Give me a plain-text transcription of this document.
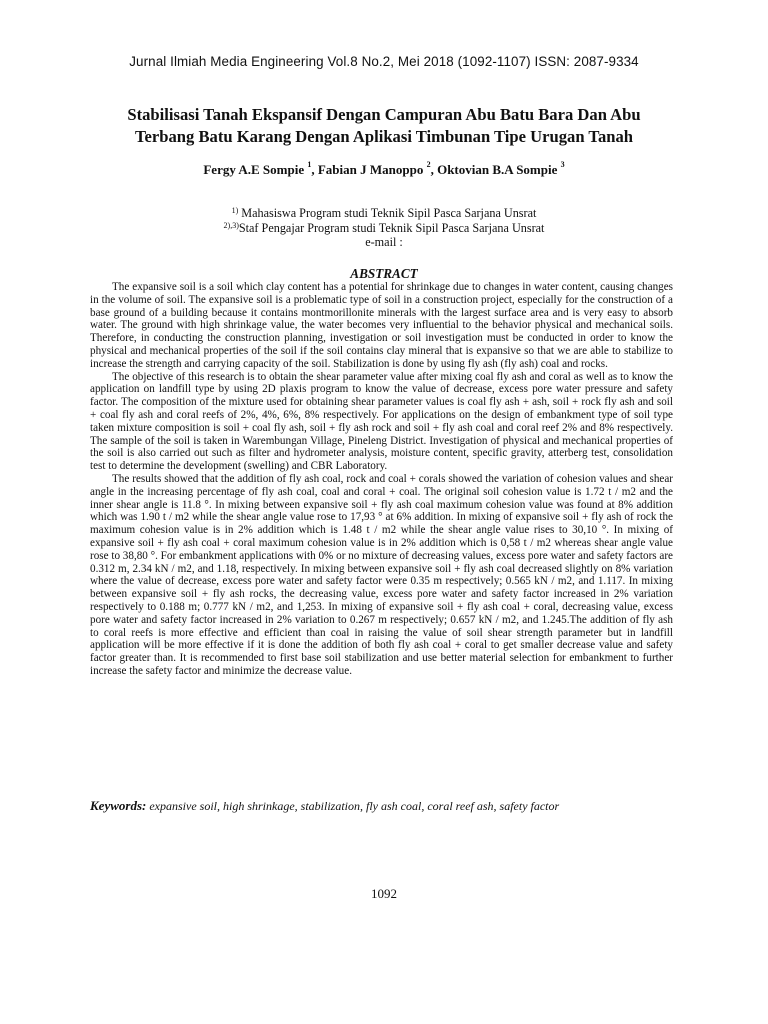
Jurnal Ilmiah Media Engineering Vol.8 No.2, Mei 2018 (1092-1107) ISSN: 2087-9334
Stabilisasi Tanah Ekspansif Dengan Campuran Abu Batu Bara Dan Abu
Terbang Batu Karang Dengan Aplikasi Timbunan Tipe Urugan Tanah
Fergy A.E Sompie $^1$, Fabian J Manoppo $^2$, Oktovian B.A Sompie $^3$
$^{1)}$ Mahasiswa Program studi Teknik Sipil Pasca Sarjana Unsrat
$^{2),3)}$Staf Pengajar Program studi Teknik Sipil Pasca Sarjana Unsrat
e-mail :
ABSTRACT

The expansive soil is a soil which clay content has a potential for shrinkage due to changes in water content, causing changes in the volume of soil. The expansive soil is a problematic type of soil in a construction project, especially for the construction of a base ground of a building because it contains montmorillonite minerals with the largest surface area and is very easy to absorb water. The ground with high shrinkage value, the water becomes very influential to the behavior physical and mechanical soils. Therefore, in conducting the construction planning, investigation or soil investigation must be conducted in order to know the physical and mechanical properties of the soil if the soil contains clay mineral that is expansive so that we are able to stabilize to increase the strength and carrying capacity of the soil. Stabilization is done by using fly ash (fly ash) coal and rocks.

The objective of this research is to obtain the shear parameter value after mixing coal fly ash and coral as well as to know the application on landfill type by using 2D plaxis program to know the value of decrease, excess pore water pressure and safety factor. The composition of the mixture used for obtaining shear parameter values is coal fly ash + ash, soil + rock fly ash and soil + coal fly ash and coral reefs of 2%, 4%, 6%, 8% respectively. For applications on the design of embankment type of soil type taken mixture composition is soil + coal fly ash, soil + fly ash rock and soil + fly ash coal and coral reef 2% and 8% respectively. The sample of the soil is taken in Warembungan Village, Pineleng District. Investigation of physical and mechanical properties of the soil is also carried out such as filter and hydrometer analysis, moisture content, specific gravity, atterberg test, consolidation test to determine the development (swelling) and CBR Laboratory.

The results showed that the addition of fly ash coal, rock and coal + corals showed the variation of cohesion values and shear angle in the increasing percentage of fly ash coal, coal and coral + coal. The original soil cohesion value is 1.72 t / m2 and the inner shear angle is 11.8 °. In mixing between expansive soil + fly ash coal maximum cohesion value was found at 8% addition which was 1.90 t / m2 while the shear angle value rose to 17,93 ° at 6% addition. In mixing of expansive soil + fly ash of rock the maximum cohesion value is in 2% addition which is 1.48 t / m2 while the shear angle value rises to 30,10 °. In mixing of expansive soil + fly ash coal + coral maximum cohesion value is in 2% addition which is 0,58 t / m2 whereas shear angle value rose to 38,80 °. For embankment applications with 0% or no mixture of decreasing values, excess pore water and safety factors are 0.312 m, 2.34 kN / m2, and 1.18, respectively. In mixing between expansive soil + fly ash coal decreased slightly on 8% variation where the value of decrease, excess pore water and safety factor were 0.35 m respectively; 0.565 kN / m2, and 1.117. In mixing between expansive soil + fly ash rocks, the decreasing value, excess pore water and safety factor increased in 2% variation respectively to 0.188 m; 0.777 kN / m2, and 1,253. In mixing of expansive soil + fly ash coal + coral, decreasing value, excess pore water and safety factor increased in 2% variation to 0.267 m respectively; 0.657 kN / m2, and 1.245.The addition of fly ash to coral reefs is more effective and efficient than coal in raising the value of soil shear strength parameter but in landfill application will be more effective if it is done the addition of both fly ash coal + coral to get smaller decrease value and safety factor greater than. It is recommended to first base soil stabilization and use better material selection for embankment to further increase the safety factor and minimize the decrease value.

Keywords: expansive soil, high shrinkage, stabilization, fly ash coal, coral reef ash, safety factor
1092
